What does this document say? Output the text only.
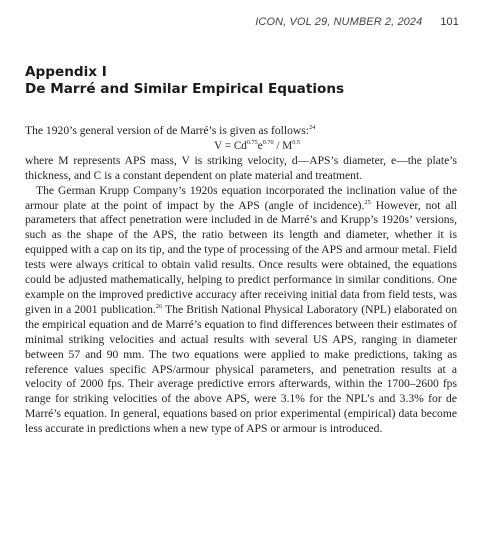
ICON, VOL 29, NUMBER 2, 2024 101
Appendix I
De Marré and Similar Empirical Equations

The 1920’s general version of de Marré’s is given as follows:$^{24}$

$V = Cd^{0.75}e^{0.70} / M^{0.5}$

where M represents APS mass, V is striking velocity, d—APS’s diameter, e—the plate’s thickness, and C is a constant dependent on plate material and treatment.

The German Krupp Company’s 1920s equation incorporated the inclination value of the armour plate at the point of impact by the APS (angle of incidence).$^{25}$ However, not all parameters that affect penetration were included in de Marré’s and Krupp’s 1920s’ versions, such as the shape of the APS, the ratio between its length and diameter, whether it is equipped with a cap on its tip, and the type of processing of the APS and armour metal. Field tests were always critical to obtain valid results. Once results were obtained, the equations could be adjusted mathematically, helping to predict performance in similar conditions. One example on the improved predictive accuracy after receiving initial data from field tests, was given in a 2001 publication.$^{26}$ The British National Physical Laboratory (NPL) elaborated on the empirical equation and de Marré’s equation to find differences between their estimates of minimal striking velocities and actual results with several US APS, ranging in diameter between 57 and 90 mm. The two equations were applied to make predictions, taking as reference values specific APS/armour physical parameters, and penetration results at a velocity of 2000 fps. Their average predictive errors afterwards, within the 1700–2600 fps range for striking velocities of the above APS, were 3.1% for the NPL’s and 3.3% for de Marré’s equation. In general, equations based on prior experimental (empirical) data become less accurate in predictions when a new type of APS or armour is introduced.
